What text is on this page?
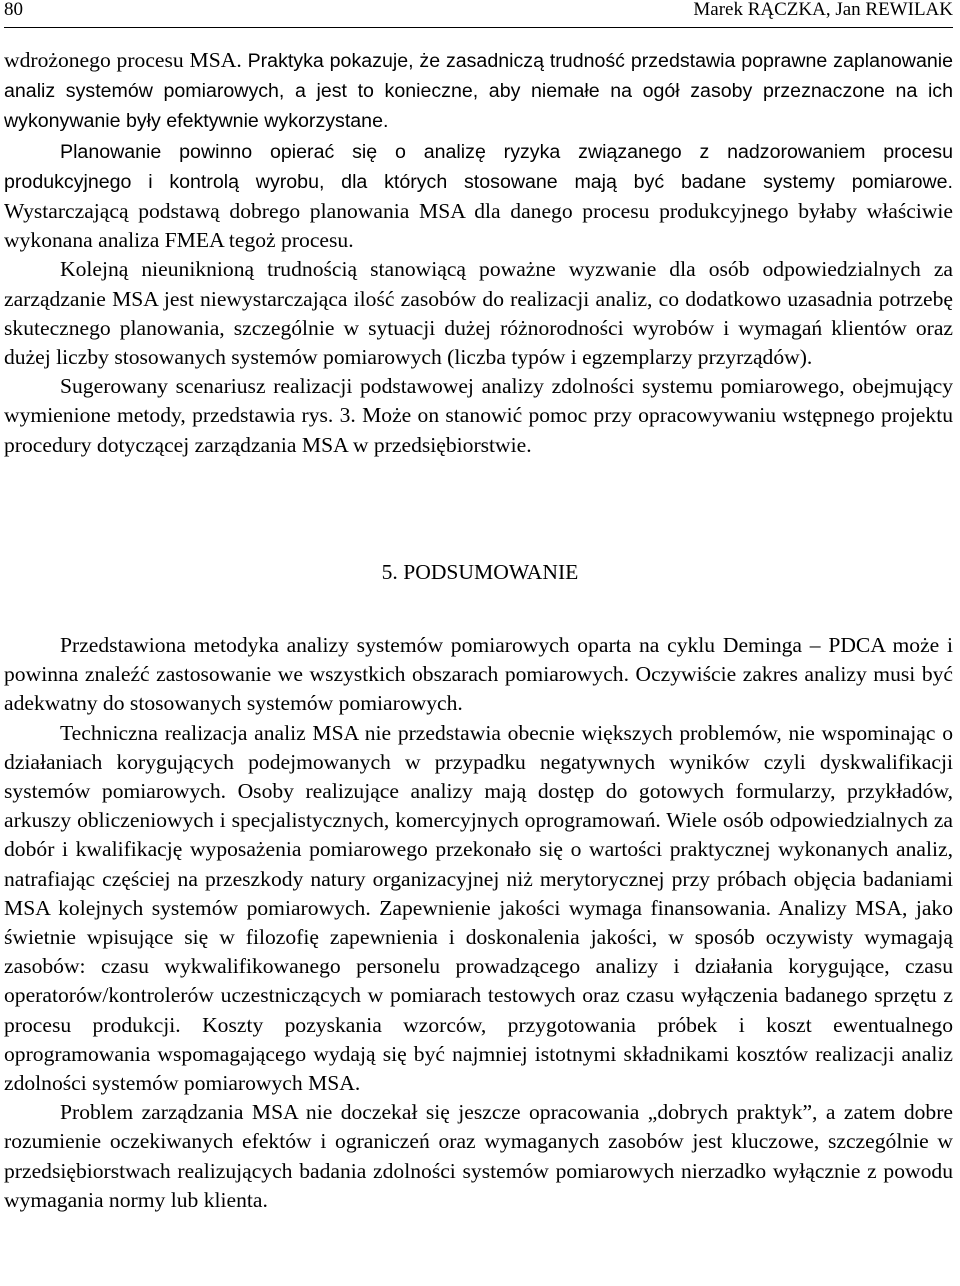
80	Marek RĄCZKA, Jan REWILAK

wdrożonego procesu MSA. Praktyka pokazuje, że zasadniczą trudność przedstawia poprawne zaplanowanie analiz systemów pomiarowych, a jest to konieczne, aby niemałe na ogół zasoby przeznaczone na ich wykonywanie były efektywnie wykorzystane.

Planowanie powinno opierać się o analizę ryzyka związanego z nadzorowaniem procesu produkcyjnego i kontrolą wyrobu, dla których stosowane mają być badane systemy pomiarowe. Wystarczającą podstawą dobrego planowania MSA dla danego procesu produkcyjnego byłaby właściwie wykonana analiza FMEA tegoż procesu.

Kolejną nieuniknioną trudnością stanowiącą poważne wyzwanie dla osób odpowiedzialnych za zarządzanie MSA jest niewystarczająca ilość zasobów do realizacji analiz, co dodatkowo uzasadnia potrzebę skutecznego planowania, szczególnie w sytuacji dużej różnorodności wyrobów i wymagań klientów oraz dużej liczby stosowanych systemów pomiarowych (liczba typów i egzemplarzy przyrządów).

Sugerowany scenariusz realizacji podstawowej analizy zdolności systemu pomiarowego, obejmujący wymienione metody, przedstawia rys. 3. Może on stanowić pomoc przy opracowywaniu wstępnego projektu procedury dotyczącej zarządzania MSA w przedsiębiorstwie.

5. PODSUMOWANIE

Przedstawiona metodyka analizy systemów pomiarowych oparta na cyklu Deminga – PDCA może i powinna znaleźć zastosowanie we wszystkich obszarach pomiarowych. Oczywiście zakres analizy musi być adekwatny do stosowanych systemów pomiarowych.

Techniczna realizacja analiz MSA nie przedstawia obecnie większych problemów, nie wspominając o działaniach korygujących podejmowanych w przypadku negatywnych wyników czyli dyskwalifikacji systemów pomiarowych. Osoby realizujące analizy mają dostęp do gotowych formularzy, przykładów, arkuszy obliczeniowych i specjalistycznych, komercyjnych oprogramowań. Wiele osób odpowiedzialnych za dobór i kwalifikację wyposażenia pomiarowego przekonało się o wartości praktycznej wykonanych analiz, natrafiając częściej na przeszkody natury organizacyjnej niż merytorycznej przy próbach objęcia badaniami MSA kolejnych systemów pomiarowych. Zapewnienie jakości wymaga finansowania. Analizy MSA, jako świetnie wpisujące się w filozofię zapewnienia i doskonalenia jakości, w sposób oczywisty wymagają zasobów: czasu wykwalifikowanego personelu prowadzącego analizy i działania korygujące, czasu operatorów/kontrolerów uczestniczących w pomiarach testowych oraz czasu wyłączenia badanego sprzętu z procesu produkcji. Koszty pozyskania wzorców, przygotowania próbek i koszt ewentualnego oprogramowania wspomagającego wydają się być najmniej istotnymi składnikami kosztów realizacji analiz zdolności systemów pomiarowych MSA.

Problem zarządzania MSA nie doczekał się jeszcze opracowania „dobrych praktyk”, a zatem dobre rozumienie oczekiwanych efektów i ograniczeń oraz wymaganych zasobów jest kluczowe, szczególnie w przedsiębiorstwach realizujących badania zdolności systemów pomiarowych nierzadko wyłącznie z powodu wymagania normy lub klienta.
